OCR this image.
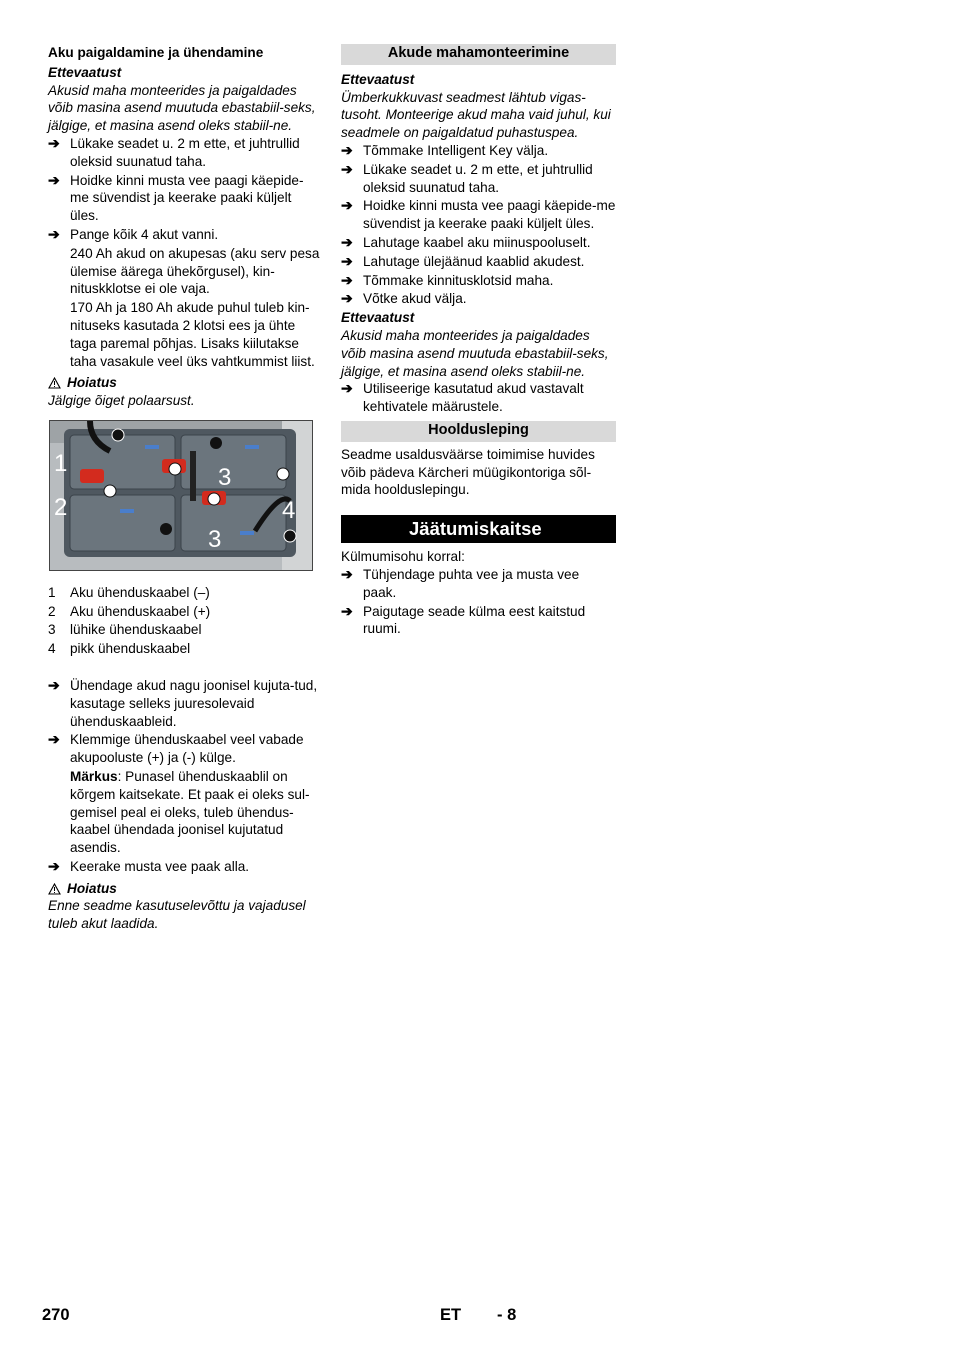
Aku paigaldamine ja ühendamine

Ettevaatust

Akusid maha monteerides ja paigaldades võib masina asend muutuda ebastabiil-seks, jälgige, et masina asend oleks stabiil-ne.

➔ Lükake seadet u. 2 m ette, et juhtrullid oleksid suunatud taha.
➔ Hoidke kinni musta vee paagi käepide-me süvendist ja keerake paaki küljelt üles.
➔ Pange kõik 4 akut vanni.

240 Ah akud on akupesas (aku serv pesa ülemise äärega ühekõrgusel), kin-nituskklotse ei ole vaja.

170 Ah ja 180 Ah akude puhul tuleb kin-nituseks kasutada 2 klotsi ees ja ühte taga paremal põhjas. Lisaks kiilutakse taha vasakule veel üks vahtkummist liist.

Hoiatus

Jälgige õiget polaarsust.

1
2
3
3
4
1	Aku ühenduskaabel (–)
2	Aku ühenduskaabel (+)
3	lühike ühenduskaabel
4	pikk ühenduskaabel
➔ Ühendage akud nagu joonisel kujuta-tud, kasutage selleks juuresolevaid ühenduskaableid.
➔ Klemmige ühenduskaabel veel vabade akupooluste (+) ja (-) külge.

Märkus: Punasel ühenduskaablil on kõrgem kaitsekate. Et paak ei oleks sul-gemisel peal ei oleks, tuleb ühendus-kaabel ühendada joonisel kujutatud asendis.

➔ Keerake musta vee paak alla.
Hoiatus

Enne seadme kasutuselevõttu ja vajadusel tuleb akut laadida.

Akude mahamonteerimine

Ettevaatust

Ümberkukkuvast seadmest lähtub vigas-tusoht. Monteerige akud maha vaid juhul, kui seadmele on paigaldatud puhastuspea.

➔ Tõmmake Intelligent Key välja.
➔ Lükake seadet u. 2 m ette, et juhtrullid oleksid suunatud taha.
➔ Hoidke kinni musta vee paagi käepide-me süvendist ja keerake paaki küljelt üles.
➔ Lahutage kaabel aku miinuspooluselt.
➔ Lahutage ülejäänud kaablid akudest.
➔ Tõmmake kinnitusklotsid maha.
➔ Võtke akud välja.

Ettevaatust

Akusid maha monteerides ja paigaldades võib masina asend muutuda ebastabiil-seks, jälgige, et masina asend oleks stabiil-ne.

➔ Utiliseerige kasutatud akud vastavalt kehtivatele määrustele.
Hooldusleping

Seadme usaldusväärse toimimise huvides võib pädeva Kärcheri müügikontoriga sõl-mida hoolduslepingu.

Jäätumiskaitse

Külmumisohu korral:

➔ Tühjendage puhta vee ja musta vee paak.
➔ Paigutage seade külma eest kaitstud ruumi.
270	ET - 8
